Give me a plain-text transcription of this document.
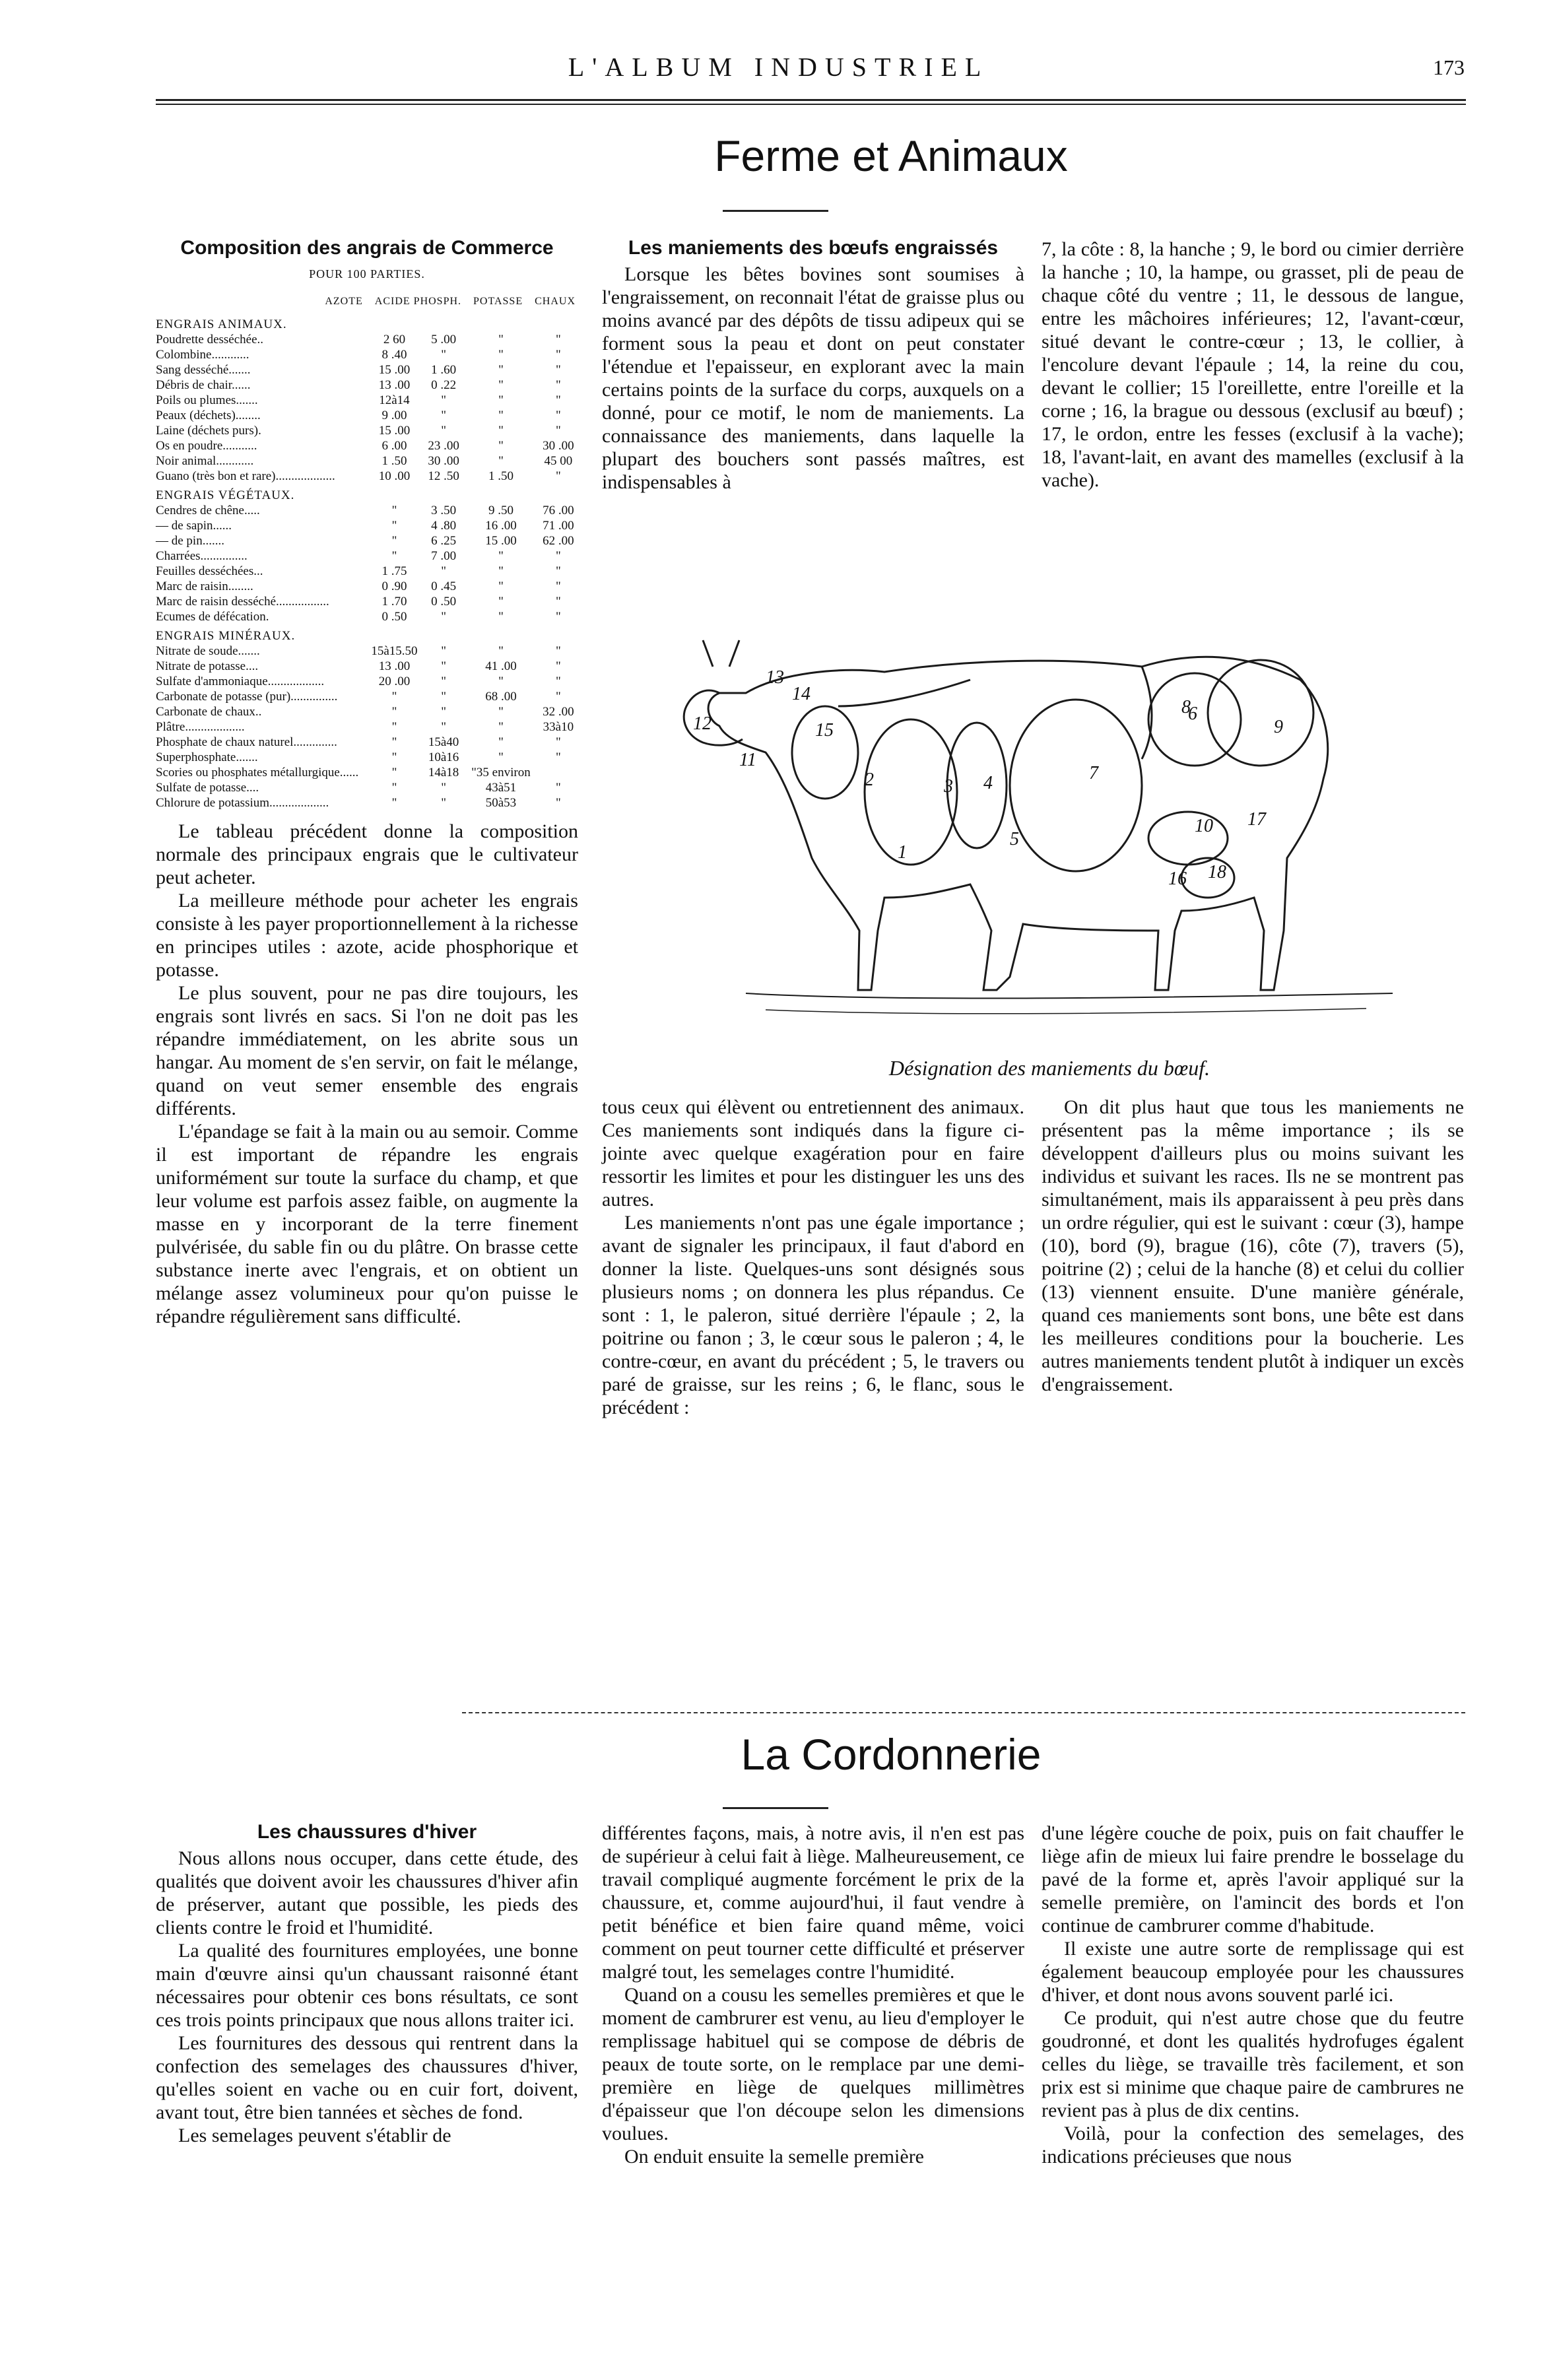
L'ALBUM INDUSTRIEL	173
Ferme et Animaux
Composition des angrais de Commerce
POUR 100 PARTIES.
AZOTE ACIDE PHOSPH. POTASSE CHAUX
ENGRAIS ANIMAUX.				
Poudrette desséchée..	2 60	5 .00	"	"
Colombine............	8 .40	"	"	"
Sang desséché.......	15 .00	1 .60	"	"
Débris de chair......	13 .00	0 .22	"	"
Poils ou plumes.......	12à14	"	"	"
Peaux (déchets)........	9 .00	"	"	"
Laine (déchets purs).	15 .00	"	"	"
Os en poudre...........	6 .00	23 .00	"	30 .00
Noir animal............	1 .50	30 .00	"	45 00
Guano (très bon et rare)...................	10 .00	12 .50	1 .50	"
ENGRAIS VÉGÉTAUX.				
Cendres de chêne.....	"	3 .50	9 .50	76 .00
— de sapin......	"	4 .80	16 .00	71 .00
— de pin.......	"	6 .25	15 .00	62 .00
Charrées...............	"	7 .00	"	"
Feuilles desséchées...	1 .75	"	"	"
Marc de raisin........	0 .90	0 .45	"	"
Marc de raisin desséché.................	1 .70	0 .50	"	"
Ecumes de défécation.	0 .50	"	"	"
ENGRAIS MINÉRAUX.				
Nitrate de soude.......	15à15.50	"	"	"
Nitrate de potasse....	13 .00	"	41 .00	"
Sulfate d'ammoniaque..................	20 .00	"	"	"
Carbonate de potasse (pur)...............	"	"	68 .00	"
Carbonate de chaux..	"	"	"	32 .00
Plâtre...................	"	"	"	33à10
Phosphate de chaux naturel..............	"	15à40	"	"
Superphosphate.......	"	10à16	"	"
Scories ou phosphates métallurgique......	"	14à18	"35 environ	
Sulfate de potasse....	"	"	43à51	"
Chlorure de potassium...................	"	"	50à53	"

Le tableau précédent donne la composition normale des principaux engrais que le cultivateur peut acheter.

La meilleure méthode pour acheter les engrais consiste à les payer proportionnellement à la richesse en principes utiles : azote, acide phosphorique et potasse.

Le plus souvent, pour ne pas dire toujours, les engrais sont livrés en sacs. Si l'on ne doit pas les répandre immédiatement, on les abrite sous un hangar. Au moment de s'en servir, on fait le mélange, quand on veut semer ensemble des engrais différents.

L'épandage se fait à la main ou au semoir. Comme il est important de répandre les engrais uniformément sur toute la surface du champ, et que leur volume est parfois assez faible, on augmente la masse en y incorporant de la terre finement pulvérisée, du sable fin ou du plâtre. On brasse cette substance inerte avec l'engrais, et on obtient un mélange assez volumineux pour qu'on puisse le répandre régulièrement sans difficulté.

Les maniements des bœufs engraissés

Lorsque les bêtes bovines sont soumises à l'engraissement, on reconnait l'état de graisse plus ou moins avancé par des dépôts de tissu adipeux qui se forment sous la peau et dont on peut constater l'étendue et l'epaisseur, en explorant avec la main certains points de la surface du corps, auxquels on a donné, pour ce motif, le nom de maniements. La connaissance des maniements, dans laquelle la plupart des bouchers sont passés maîtres, est indispensables à

7, la côte : 8, la hanche ; 9, le bord ou cimier derrière la hanche ; 10, la hampe, ou grasset, pli de peau de chaque côté du ventre ; 11, le dessous de langue, entre les mâchoires inférieures; 12, l'avant-cœur, situé devant le contre-cœur ; 13, le collier, à l'encolure devant l'épaule ; 14, la reine du cou, devant le collier; 15 l'oreillette, entre l'oreille et la corne ; 16, la brague ou dessous (exclusif au bœuf) ; 17, le ordon, entre les fesses (exclusif à la vache); 18, l'avant-lait, en avant des mamelles (exclusif à la vache).

15
14
13
12
11
1
2	3 4
5
6
7
8
9
10
16 18
17
Désignation des maniements du bœuf.

tous ceux qui élèvent ou entretiennent des animaux. Ces maniements sont indiqués dans la figure ci-jointe avec quelque exagération pour en faire ressortir les limites et pour les distinguer les uns des autres.

Les maniements n'ont pas une égale importance ; avant de signaler les principaux, il faut d'abord en donner la liste. Quelques-uns sont désignés sous plusieurs noms ; on donnera les plus répandus. Ce sont : 1, le paleron, situé derrière l'épaule ; 2, la poitrine ou fanon ; 3, le cœur sous le paleron ; 4, le contre-cœur, en avant du précédent ; 5, le travers ou paré de graisse, sur les reins ; 6, le flanc, sous le précédent :

On dit plus haut que tous les maniements ne présentent pas la même importance ; ils se développent d'ailleurs plus ou moins suivant les individus et suivant les races. Ils ne se montrent pas simultanément, mais ils apparaissent à peu près dans un ordre régulier, qui est le suivant : cœur (3), hampe (10), bord (9), brague (16), côte (7), travers (5), poitrine (2) ; celui de la hanche (8) et celui du collier (13) viennent ensuite. D'une manière générale, quand ces maniements sont bons, une bête est dans les meilleures conditions pour la boucherie. Les autres maniements tendent plutôt à indiquer un excès d'engraissement.

La Cordonnerie
Les chaussures d'hiver

Nous allons nous occuper, dans cette étude, des qualités que doivent avoir les chaussures d'hiver afin de préserver, autant que possible, les pieds des clients contre le froid et l'humidité.

La qualité des fournitures employées, une bonne main d'œuvre ainsi qu'un chaussant raisonné étant nécessaires pour obtenir ces bons résultats, ce sont ces trois points principaux que nous allons traiter ici.

Les fournitures des dessous qui rentrent dans la confection des semelages des chaussures d'hiver, qu'elles soient en vache ou en cuir fort, doivent, avant tout, être bien tannées et sèches de fond.

Les semelages peuvent s'établir de

différentes façons, mais, à notre avis, il n'en est pas de supérieur à celui fait à liège. Malheureusement, ce travail compliqué augmente forcément le prix de la chaussure, et, comme aujourd'hui, il faut vendre à petit bénéfice et bien faire quand même, voici comment on peut tourner cette difficulté et préserver malgré tout, les semelages contre l'humidité.

Quand on a cousu les semelles premières et que le moment de cambrurer est venu, au lieu d'employer le remplissage habituel qui se compose de débris de peaux de toute sorte, on le remplace par une demi-première en liège de quelques millimètres d'épaisseur que l'on découpe selon les dimensions voulues.

On enduit ensuite la semelle première

d'une légère couche de poix, puis on fait chauffer le liège afin de mieux lui faire prendre le bosselage du pavé de la forme et, après l'avoir appliqué sur la semelle première, on l'amincit des bords et l'on continue de cambrurer comme d'habitude.

Il existe une autre sorte de remplissage qui est également beaucoup employée pour les chaussures d'hiver, et dont nous avons souvent parlé ici.

Ce produit, qui n'est autre chose que du feutre goudronné, et dont les qualités hydrofuges égalent celles du liège, se travaille très facilement, et son prix est si minime que chaque paire de cambrures ne revient pas à plus de dix centins.

Voilà, pour la confection des semelages, des indications précieuses que nous
